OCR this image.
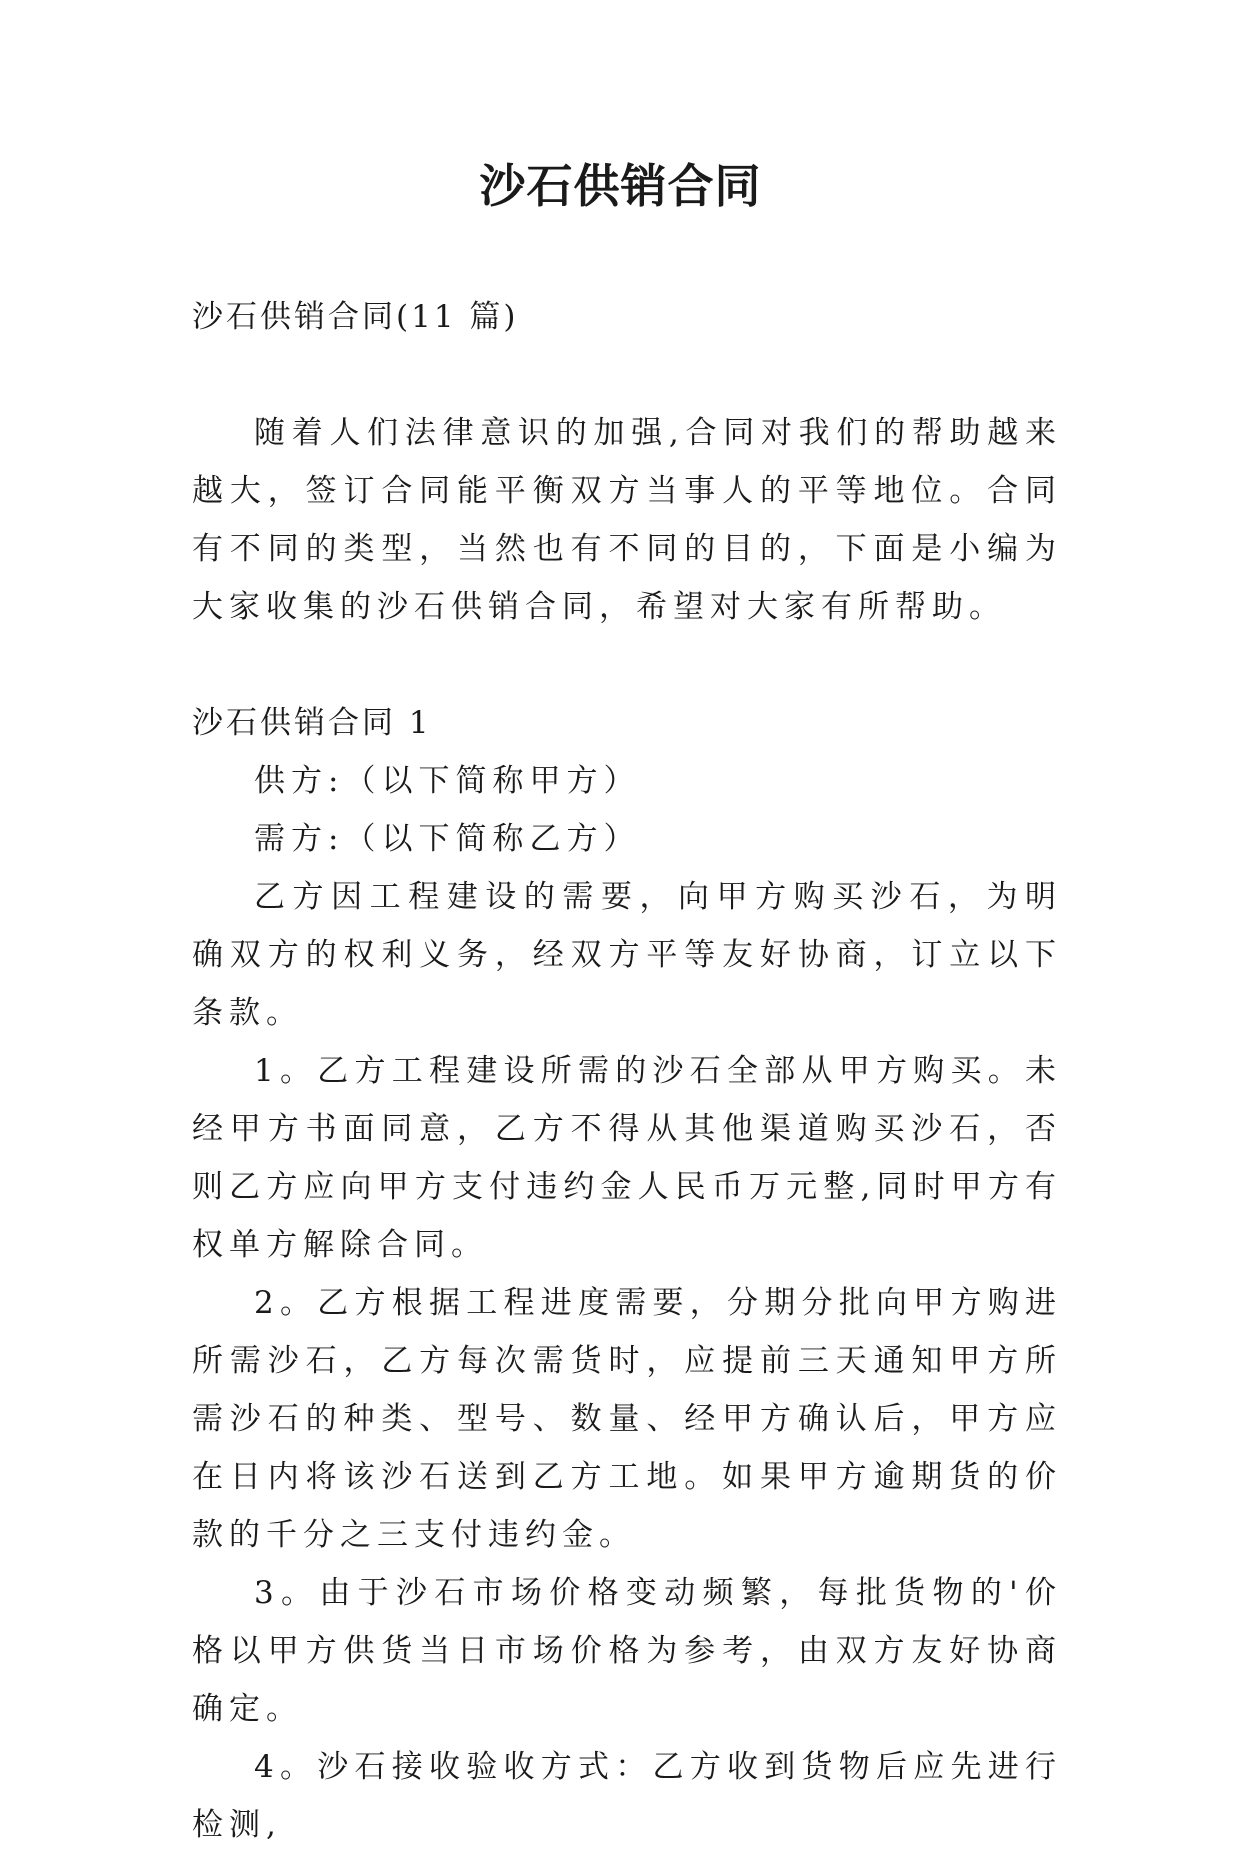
沙石供销合同

沙石供销合同(11 篇)

随着人们法律意识的加强,合同对我们的帮助越来越大，签订合同能平衡双方当事人的平等地位。合同有不同的类型，当然也有不同的目的，下面是小编为大家收集的沙石供销合同，希望对大家有所帮助。

沙石供销合同 1

供方:（以下简称甲方）

需方:（以下简称乙方）

乙方因工程建设的需要，向甲方购买沙石，为明确双方的权利义务，经双方平等友好协商，订立以下条款。

1。乙方工程建设所需的沙石全部从甲方购买。未经甲方书面同意，乙方不得从其他渠道购买沙石，否则乙方应向甲方支付违约金人民币万元整,同时甲方有权单方解除合同。

2。乙方根据工程进度需要，分期分批向甲方购进所需沙石，乙方每次需货时，应提前三天通知甲方所需沙石的种类、型号、数量、经甲方确认后，甲方应在日内将该沙石送到乙方工地。如果甲方逾期货的价款的千分之三支付违约金。

3。由于沙石市场价格变动频繁，每批货物的'价格以甲方供货当日市场价格为参考，由双方友好协商确定。

4。沙石接收验收方式：乙方收到货物后应先进行检测,
